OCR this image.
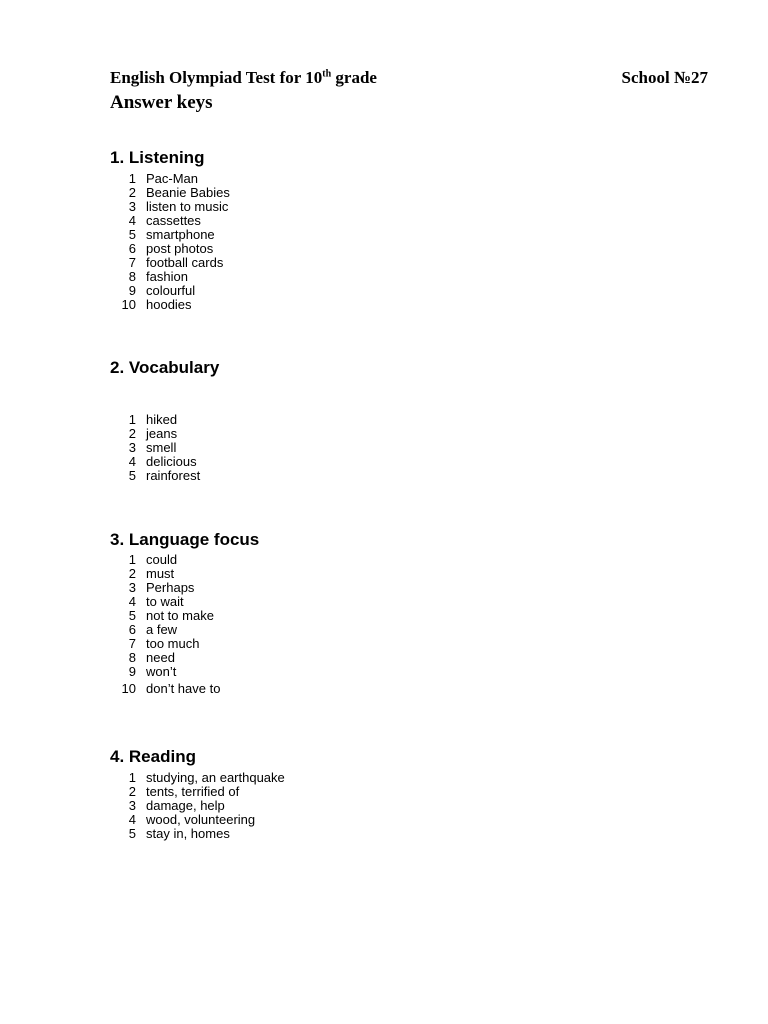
English Olympiad Test for 10th grade	School №27
Answer keys
1. Listening
1 Pac-Man
2 Beanie Babies
3 listen to music
4 cassettes
5 smartphone
6 post photos
7 football cards
8 fashion
9 colourful
10 hoodies
2. Vocabulary
1 hiked
2 jeans
3 smell
4 delicious
5 rainforest
3. Language focus
1 could
2 must
3 Perhaps
4 to wait
5 not to make
6 a few
7 too much
8 need
9 won’t
10 don’t have to
4. Reading
1 studying, an earthquake
2 tents, terrified of
3 damage, help
4 wood, volunteering
5 stay in, homes
